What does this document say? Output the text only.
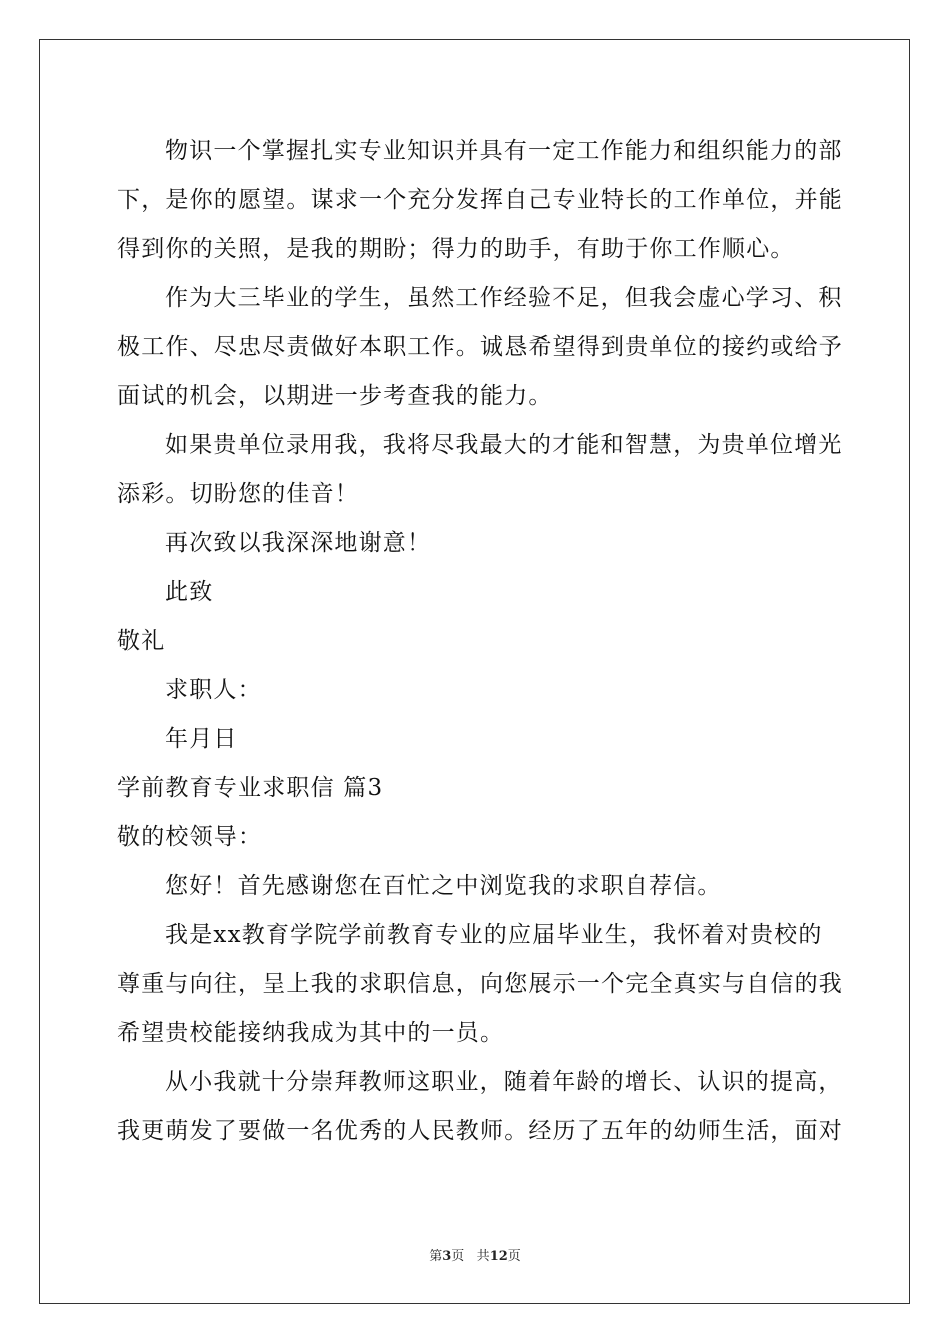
物识一个掌握扎实专业知识并具有一定工作能力和组织能力的部
下，是你的愿望。谋求一个充分发挥自己专业特长的工作单位，并能
得到你的关照，是我的期盼；得力的助手，有助于你工作顺心。
作为大三毕业的学生，虽然工作经验不足，但我会虚心学习、积
极工作、尽忠尽责做好本职工作。诚恳希望得到贵单位的接约或给予
面试的机会，以期进一步考查我的能力。
如果贵单位录用我，我将尽我最大的才能和智慧，为贵单位增光
添彩。切盼您的佳音！
再次致以我深深地谢意！
此致
敬礼
求职人：
年月日
学前教育专业求职信 篇3
敬的校领导：
您好！首先感谢您在百忙之中浏览我的求职自荐信。
我是xx教育学院学前教育专业的应届毕业生，我怀着对贵校的
尊重与向往，呈上我的求职信息，向您展示一个完全真实与自信的我
希望贵校能接纳我成为其中的一员。
从小我就十分崇拜教师这职业，随着年龄的增长、认识的提高，
我更萌发了要做一名优秀的人民教师。经历了五年的幼师生活，面对
第3页 共12页
